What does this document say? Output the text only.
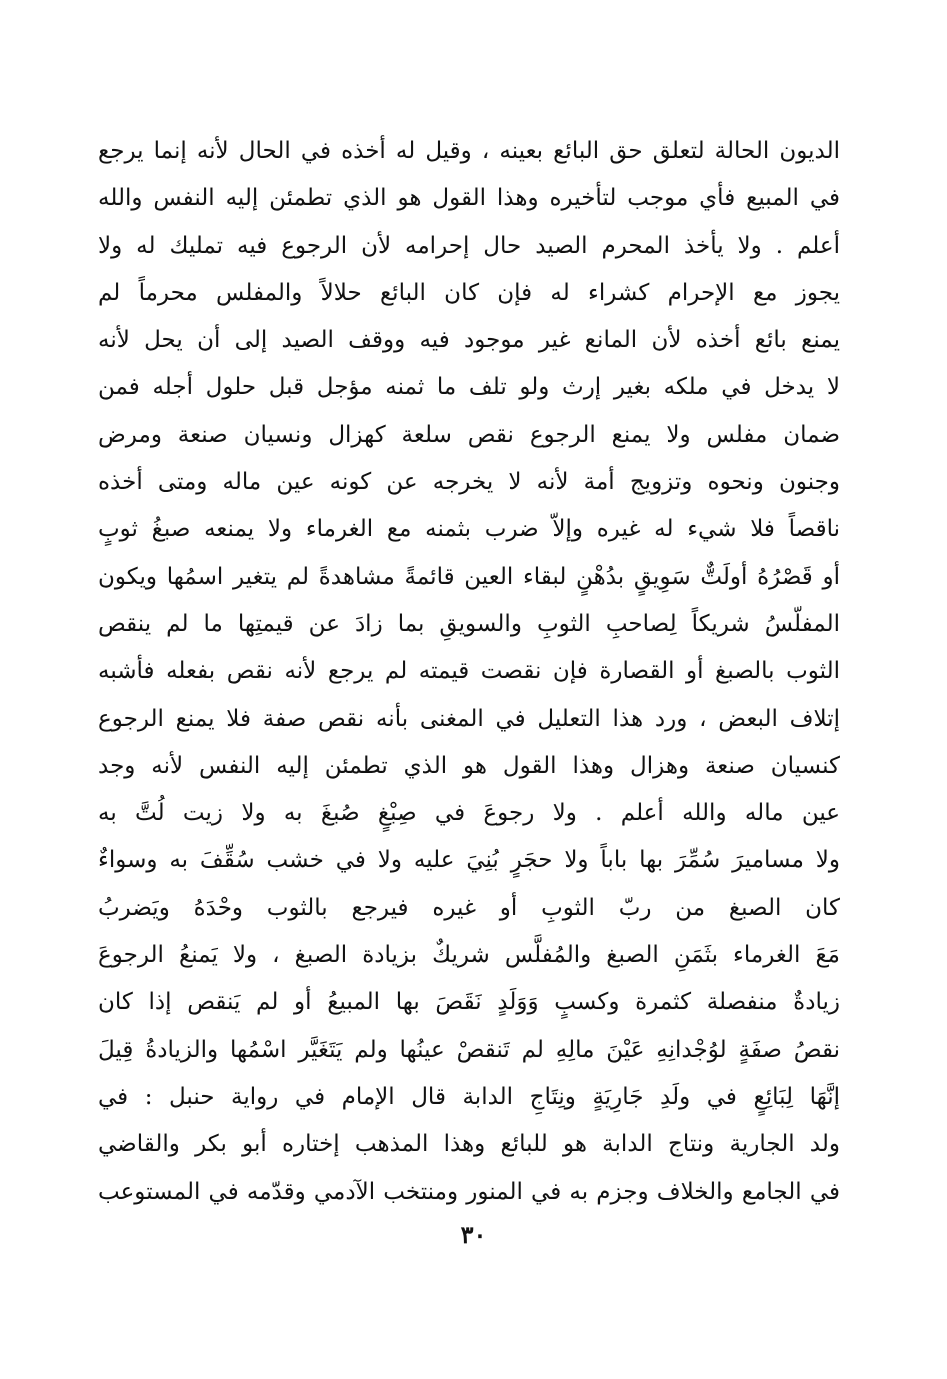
الديون الحالة لتعلق حق البائع بعينه ، وقيل له أخذه في الحال لأنه إنما يرجع
في المبيع فأي موجب لتأخيره وهذا القول هو الذي تطمئن إليه النفس والله
أعلم . ولا يأخذ المحرم الصيد حال إحرامه لأن الرجوع فيه تمليك له ولا
يجوز مع الإحرام كشراء له فإن كان البائع حلالاً والمفلس محرماً لم
يمنع بائع أخذه لأن المانع غير موجود فيه ووقف الصيد إلى أن يحل لأنه
لا يدخل في ملكه بغير إرث ولو تلف ما ثمنه مؤجل قبل حلول أجله فمن
ضمان مفلس ولا يمنع الرجوع نقص سلعة كهزال ونسيان صنعة ومرض
وجنون ونحوه وتزويج أمة لأنه لا يخرجه عن كونه عين ماله ومتى أخذه
ناقصاً فلا شيء له غيره وإلاّ ضرب بثمنه مع الغرماء ولا يمنعه صبغُ ثوبٍ
أو قَصْرُهُ أولَتٌّ سَوِيقٍ بدُهْنٍ لبقاء العين قائمةً مشاهدةً لم يتغير اسمُها ويكون
المفلّسُ شريكاً لِصاحبِ الثوبِ والسويقِ بما زادَ عن قيمتِها ما لم ينقص
الثوب بالصبغ أو القصارة فإن نقصت قيمته لم يرجع لأنه نقص بفعله فأشبه
إتلاف البعض ، ورد هذا التعليل في المغنى بأنه نقص صفة فلا يمنع الرجوع
كنسيان صنعة وهزال وهذا القول هو الذي تطمئن إليه النفس لأنه وجد
عين ماله والله أعلم . ولا رجوعَ في صِبْغٍ صُبغَ به ولا زيت لُتَّ به
ولا مساميرَ سُمِّرَ بها باباً ولا حجَرٍ بُنِيَ عليه ولا في خشب سُقِّفَ به وسواءٌ
كان الصبغ من ربّ الثوبِ أو غيره فيرجع بالثوب وحْدَهُ ويَضربُ
مَعَ الغرماء بثَمَنِ الصبغ والمُفلَّس شريكٌ بزيادة الصبغ ، ولا يَمنعُ الرجوعَ
زيادةٌ منفصلة كثمرة وكسبٍ وَوَلَدٍ نَقَصَ بها المبيعُ أو لم يَنقص إذا كان
نقصُ صفَةٍ لوُجْدانِهِ عَيْنَ مالِهِ لم تَنقصْ عينُها ولم يَتَغَيَّر اسْمُها والزيادةُ قِيلَ
إنَّهَا لِبَائِعٍ في ولَدِ جَارِيَةٍ ونِتَاجِ الدابة قال الإمام في رواية حنبل : في
ولد الجارية ونتاج الدابة هو للبائع وهذا المذهب إختاره أبو بكر والقاضي
في الجامع والخلاف وجزم به في المنور ومنتخب الآدمي وقدّمه في المستوعب
٣٠
